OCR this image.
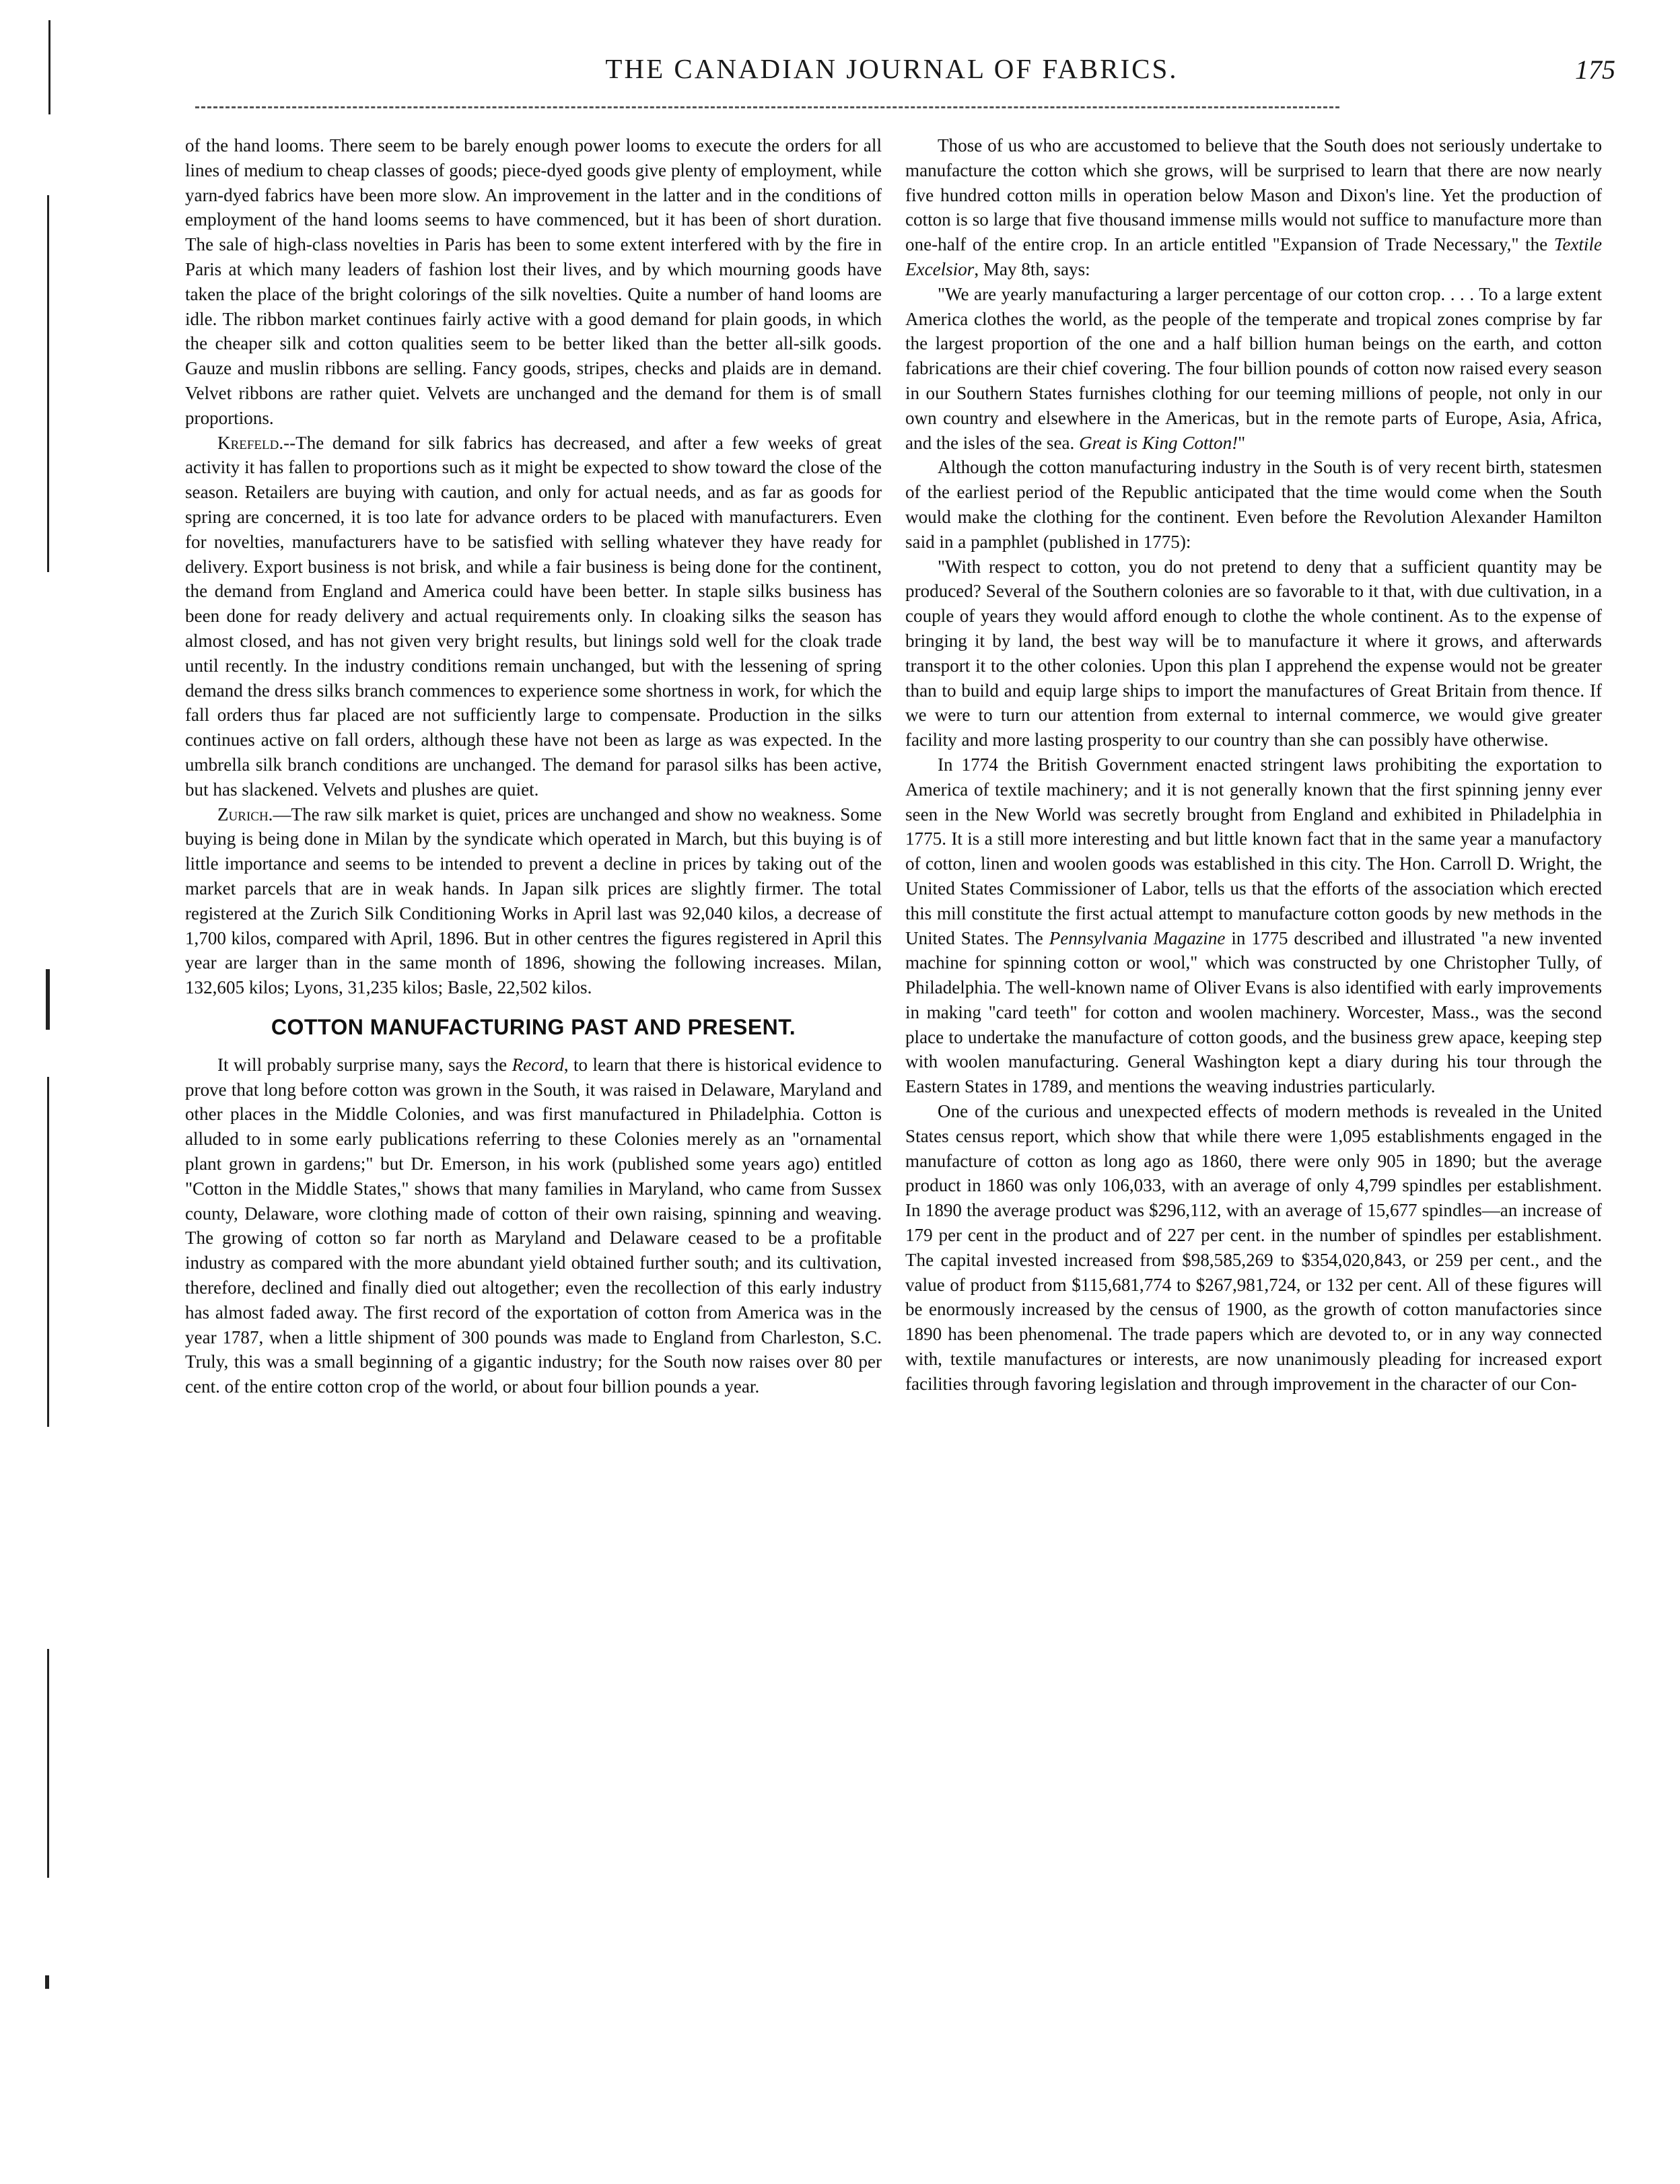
THE CANADIAN JOURNAL OF FABRICS.	175

of the hand looms. There seem to be barely enough power looms to execute the orders for all lines of medium to cheap classes of goods; piece-dyed goods give plenty of employment, while yarn-dyed fabrics have been more slow. An improvement in the latter and in the conditions of employment of the hand looms seems to have commenced, but it has been of short duration. The sale of high-class novelties in Paris has been to some extent interfered with by the fire in Paris at which many leaders of fashion lost their lives, and by which mourning goods have taken the place of the bright colorings of the silk novelties. Quite a number of hand looms are idle. The ribbon market continues fairly active with a good demand for plain goods, in which the cheaper silk and cotton qualities seem to be better liked than the better all-silk goods. Gauze and muslin ribbons are selling. Fancy goods, stripes, checks and plaids are in demand. Velvet ribbons are rather quiet. Velvets are unchanged and the demand for them is of small proportions.

Krefeld.--The demand for silk fabrics has decreased, and after a few weeks of great activity it has fallen to proportions such as it might be expected to show toward the close of the season. Retailers are buying with caution, and only for actual needs, and as far as goods for spring are concerned, it is too late for advance orders to be placed with manufacturers. Even for novelties, manufacturers have to be satisfied with selling whatever they have ready for delivery. Export business is not brisk, and while a fair business is being done for the continent, the demand from England and America could have been better. In staple silks business has been done for ready delivery and actual requirements only. In cloaking silks the season has almost closed, and has not given very bright results, but linings sold well for the cloak trade until recently. In the industry conditions remain unchanged, but with the lessening of spring demand the dress silks branch commences to experience some shortness in work, for which the fall orders thus far placed are not sufficiently large to compensate. Production in the silks continues active on fall orders, although these have not been as large as was expected. In the umbrella silk branch conditions are unchanged. The demand for parasol silks has been active, but has slackened. Velvets and plushes are quiet.

Zurich.—The raw silk market is quiet, prices are unchanged and show no weakness. Some buying is being done in Milan by the syndicate which operated in March, but this buying is of little importance and seems to be intended to prevent a decline in prices by taking out of the market parcels that are in weak hands. In Japan silk prices are slightly firmer. The total registered at the Zurich Silk Conditioning Works in April last was 92,040 kilos, a decrease of 1,700 kilos, compared with April, 1896. But in other centres the figures registered in April this year are larger than in the same month of 1896, showing the following increases. Milan, 132,605 kilos; Lyons, 31,235 kilos; Basle, 22,502 kilos.

COTTON MANUFACTURING PAST AND PRESENT.

It will probably surprise many, says the Record, to learn that there is historical evidence to prove that long before cotton was grown in the South, it was raised in Delaware, Maryland and other places in the Middle Colonies, and was first manufactured in Philadelphia. Cotton is alluded to in some early publications referring to these Colonies merely as an "ornamental plant grown in gardens;" but Dr. Emerson, in his work (published some years ago) entitled "Cotton in the Middle States," shows that many families in Maryland, who came from Sussex county, Delaware, wore clothing made of cotton of their own raising, spinning and weaving. The growing of cotton so far north as Maryland and Delaware ceased to be a profitable industry as compared with the more abundant yield obtained further south; and its cultivation, therefore, declined and finally died out altogether; even the recollection of this early industry has almost faded away. The first record of the exportation of cotton from America was in the year 1787, when a little shipment of 300 pounds was made to England from Charleston, S.C. Truly, this was a small beginning of a gigantic industry; for the South now raises over 80 per cent. of the entire cotton crop of the world, or about four billion pounds a year.

Those of us who are accustomed to believe that the South does not seriously undertake to manufacture the cotton which she grows, will be surprised to learn that there are now nearly five hundred cotton mills in operation below Mason and Dixon's line. Yet the production of cotton is so large that five thousand immense mills would not suffice to manufacture more than one-half of the entire crop. In an article entitled "Expansion of Trade Necessary," the Textile Excelsior, May 8th, says:

"We are yearly manufacturing a larger percentage of our cotton crop. . . . To a large extent America clothes the world, as the people of the temperate and tropical zones comprise by far the largest proportion of the one and a half billion human beings on the earth, and cotton fabrications are their chief covering. The four billion pounds of cotton now raised every season in our Southern States furnishes clothing for our teeming millions of people, not only in our own country and elsewhere in the Americas, but in the remote parts of Europe, Asia, Africa, and the isles of the sea. Great is King Cotton!"

Although the cotton manufacturing industry in the South is of very recent birth, statesmen of the earliest period of the Republic anticipated that the time would come when the South would make the clothing for the continent. Even before the Revolution Alexander Hamilton said in a pamphlet (published in 1775):

"With respect to cotton, you do not pretend to deny that a sufficient quantity may be produced? Several of the Southern colonies are so favorable to it that, with due cultivation, in a couple of years they would afford enough to clothe the whole continent. As to the expense of bringing it by land, the best way will be to manufacture it where it grows, and afterwards transport it to the other colonies. Upon this plan I apprehend the expense would not be greater than to build and equip large ships to import the manufactures of Great Britain from thence. If we were to turn our attention from external to internal commerce, we would give greater facility and more lasting prosperity to our country than she can possibly have otherwise.

In 1774 the British Government enacted stringent laws prohibiting the exportation to America of textile machinery; and it is not generally known that the first spinning jenny ever seen in the New World was secretly brought from England and exhibited in Philadelphia in 1775. It is a still more interesting and but little known fact that in the same year a manufactory of cotton, linen and woolen goods was established in this city. The Hon. Carroll D. Wright, the United States Commissioner of Labor, tells us that the efforts of the association which erected this mill constitute the first actual attempt to manufacture cotton goods by new methods in the United States. The Pennsylvania Magazine in 1775 described and illustrated "a new invented machine for spinning cotton or wool," which was constructed by one Christopher Tully, of Philadelphia. The well-known name of Oliver Evans is also identified with early improvements in making "card teeth" for cotton and woolen machinery. Worcester, Mass., was the second place to undertake the manufacture of cotton goods, and the business grew apace, keeping step with woolen manufacturing. General Washington kept a diary during his tour through the Eastern States in 1789, and mentions the weaving industries particularly.

One of the curious and unexpected effects of modern methods is revealed in the United States census report, which show that while there were 1,095 establishments engaged in the manufacture of cotton as long ago as 1860, there were only 905 in 1890; but the average product in 1860 was only 106,033, with an average of only 4,799 spindles per establishment. In 1890 the average product was $296,112, with an average of 15,677 spindles—an increase of 179 per cent in the product and of 227 per cent. in the number of spindles per establishment. The capital invested increased from $98,585,269 to $354,020,843, or 259 per cent., and the value of product from $115,681,774 to $267,981,724, or 132 per cent. All of these figures will be enormously increased by the census of 1900, as the growth of cotton manufactories since 1890 has been phenomenal. The trade papers which are devoted to, or in any way connected with, textile manufactures or interests, are now unanimously pleading for increased export facilities through favoring legislation and through improvement in the character of our Con-
